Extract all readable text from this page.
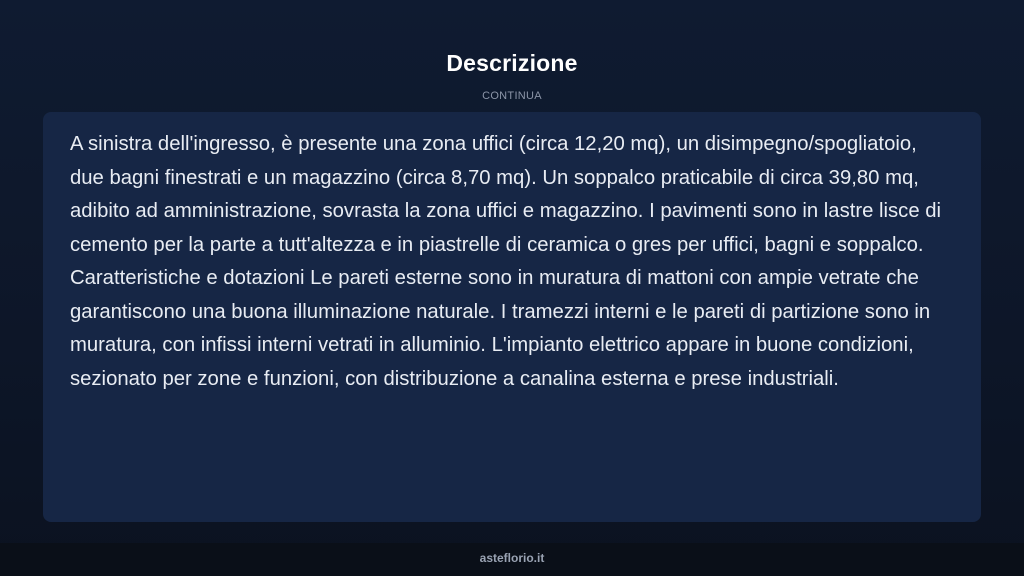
Descrizione
CONTINUA

A sinistra dell'ingresso, è presente una zona uffici (circa 12,20 mq), un disimpegno/spogliatoio, due bagni finestrati e un magazzino (circa 8,70 mq). Un soppalco praticabile di circa 39,80 mq, adibito ad amministrazione, sovrasta la zona uffici e magazzino. I pavimenti sono in lastre lisce di cemento per la parte a tutt'altezza e in piastrelle di ceramica o gres per uffici, bagni e soppalco. Caratteristiche e dotazioni Le pareti esterne sono in muratura di mattoni con ampie vetrate che garantiscono una buona illuminazione naturale. I tramezzi interni e le pareti di partizione sono in muratura, con infissi interni vetrati in alluminio. L'impianto elettrico appare in buone condizioni, sezionato per zone e funzioni, con distribuzione a canalina esterna e prese industriali.

asteflorio.it
